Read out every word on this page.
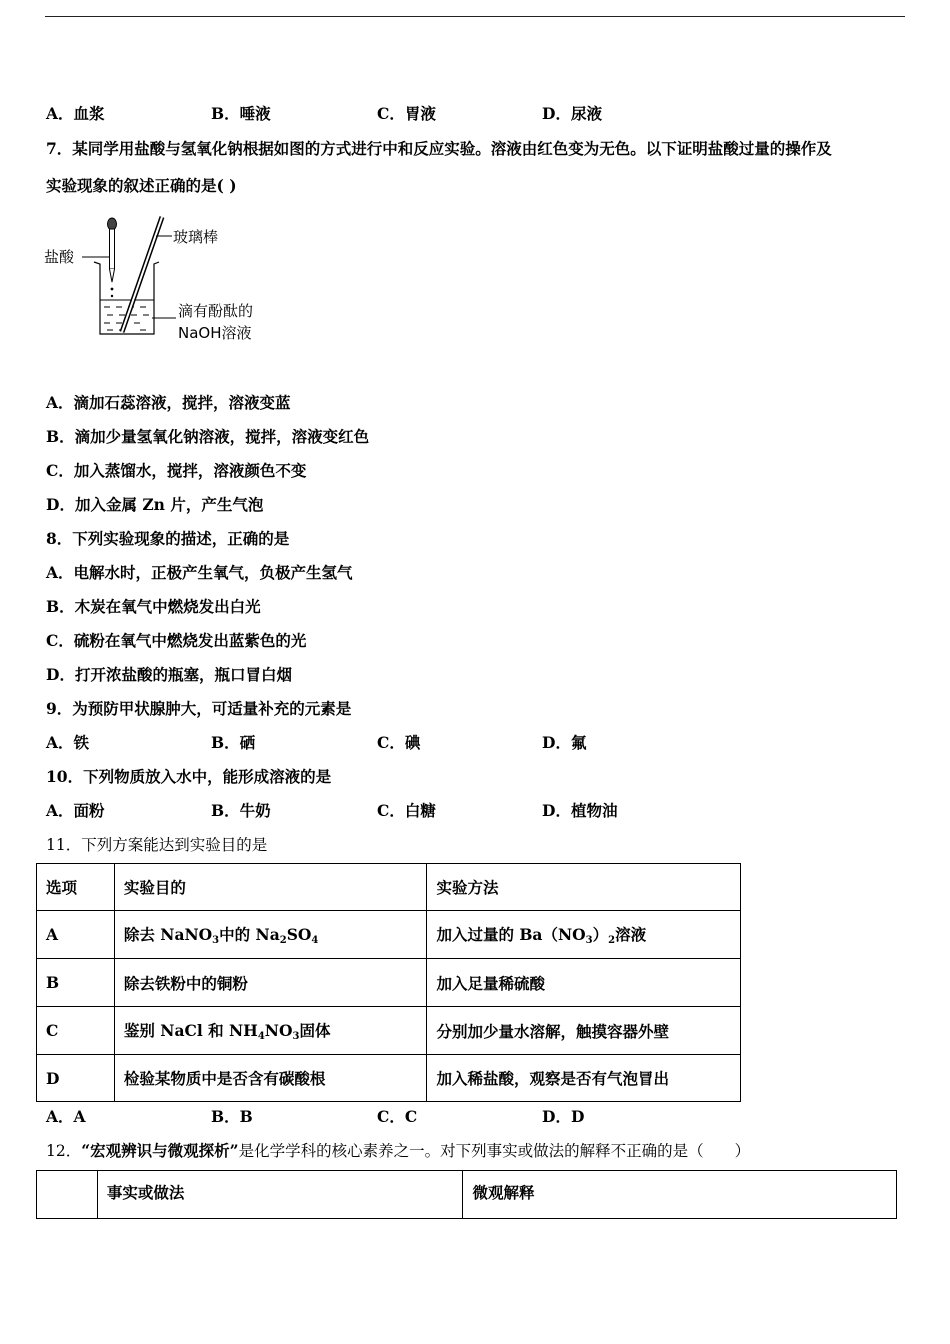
A．血浆	B．唾液	C．胃液	D．尿液
7．某同学用盐酸与氢氧化钠根据如图的方式进行中和反应实验。溶液由红色变为无色。以下证明盐酸过量的操作及
实验现象的叙述正确的是( )
盐酸
玻璃棒
滴有酚酞的
NaOH溶液
A．滴加石蕊溶液，搅拌，溶液变蓝
B．滴加少量氢氧化钠溶液，搅拌，溶液变红色
C．加入蒸馏水，搅拌，溶液颜色不变
D．加入金属 Zn 片，产生气泡
8．下列实验现象的描述，正确的是
A．电解水时，正极产生氧气，负极产生氢气
B．木炭在氧气中燃烧发出白光
C．硫粉在氧气中燃烧发出蓝紫色的光
D．打开浓盐酸的瓶塞，瓶口冒白烟
9．为预防甲状腺肿大，可适量补充的元素是
A．铁	B．硒	C．碘	D．氟
10．下列物质放入水中，能形成溶液的是
A．面粉	B．牛奶	C．白糖	D．植物油
11．下列方案能达到实验目的是
选项	实验目的	实验方法
A	除去 NaNO$_3$中的 $Na_2SO_4$	加入过量的 $Ba(NO_3)_2$溶液
B	除去铁粉中的铜粉	加入足量稀硫酸
C	鉴别 NaCl 和 $NH_4NO_3$固体	分别加少量水溶解，触摸容器外壁
D	检验某物质中是否含有碳酸根	加入稀盐酸，观察是否有气泡冒出
A．A	B．B	C．C	D．D
12．“宏观辨识与微观探析”是化学学科的核心素养之一。对下列事实或做法的解释不正确的是（　　）
	事实或做法	微观解释
